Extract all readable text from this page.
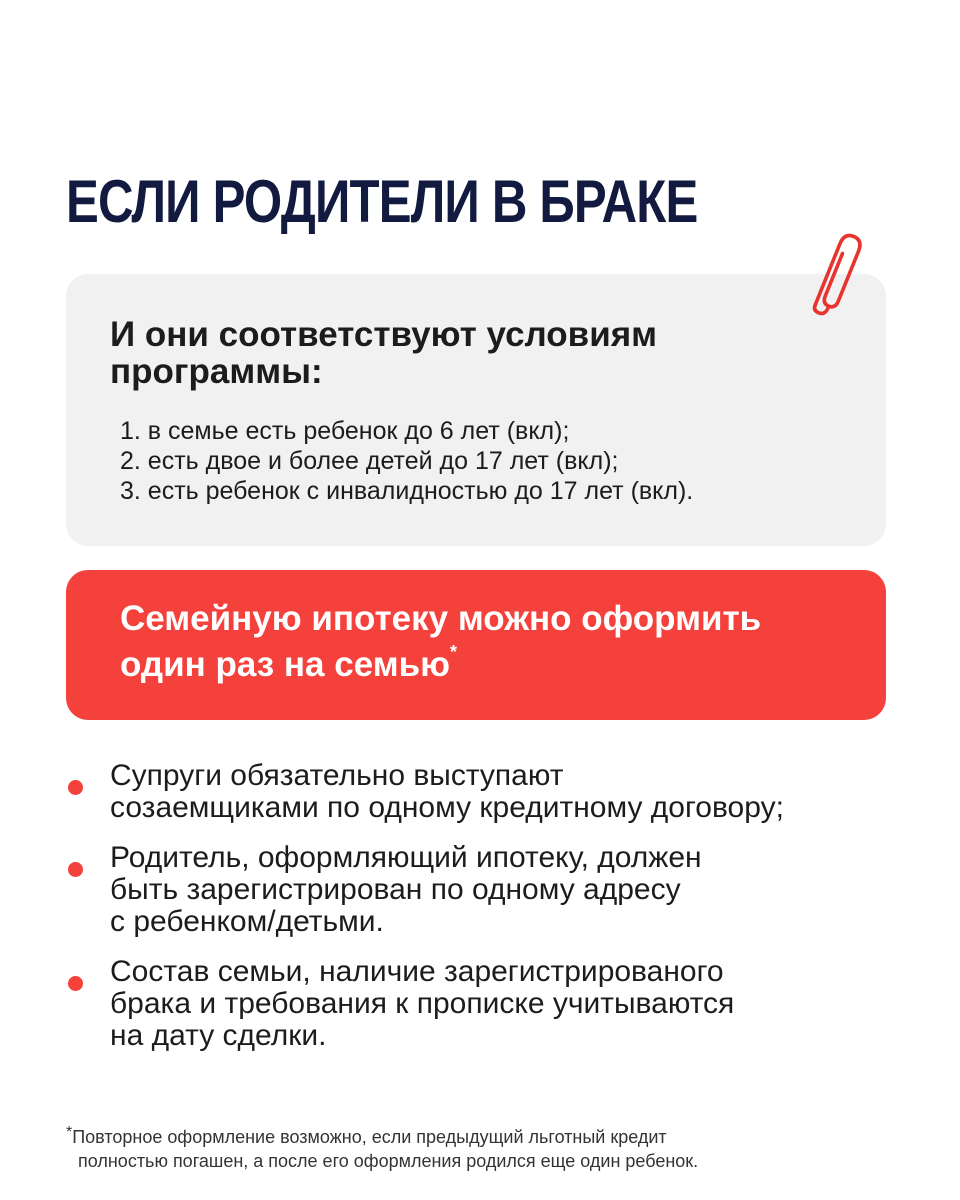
ЕСЛИ РОДИТЕЛИ В БРАКЕ
И они соответствуют условиям
программы:
1. в семье есть ребенок до 6 лет (вкл);
2. есть двое и более детей до 17 лет (вкл);
3. есть ребенок с инвалидностью до 17 лет (вкл).

Семейную ипотеку можно оформить
один раз на семью*

Супруги обязательно выступают
созаемщиками по одному кредитному договору;
Родитель, оформляющий ипотеку, должен
быть зарегистрирован по одному адресу
с ребенком/детьми.
Состав семьи, наличие зарегистрированого
брака и требования к прописке учитываются
на дату сделки.

*Повторное оформление возможно, если предыдущий льготный кредит
полностью погашен, а после его оформления родился еще один ребенок.
